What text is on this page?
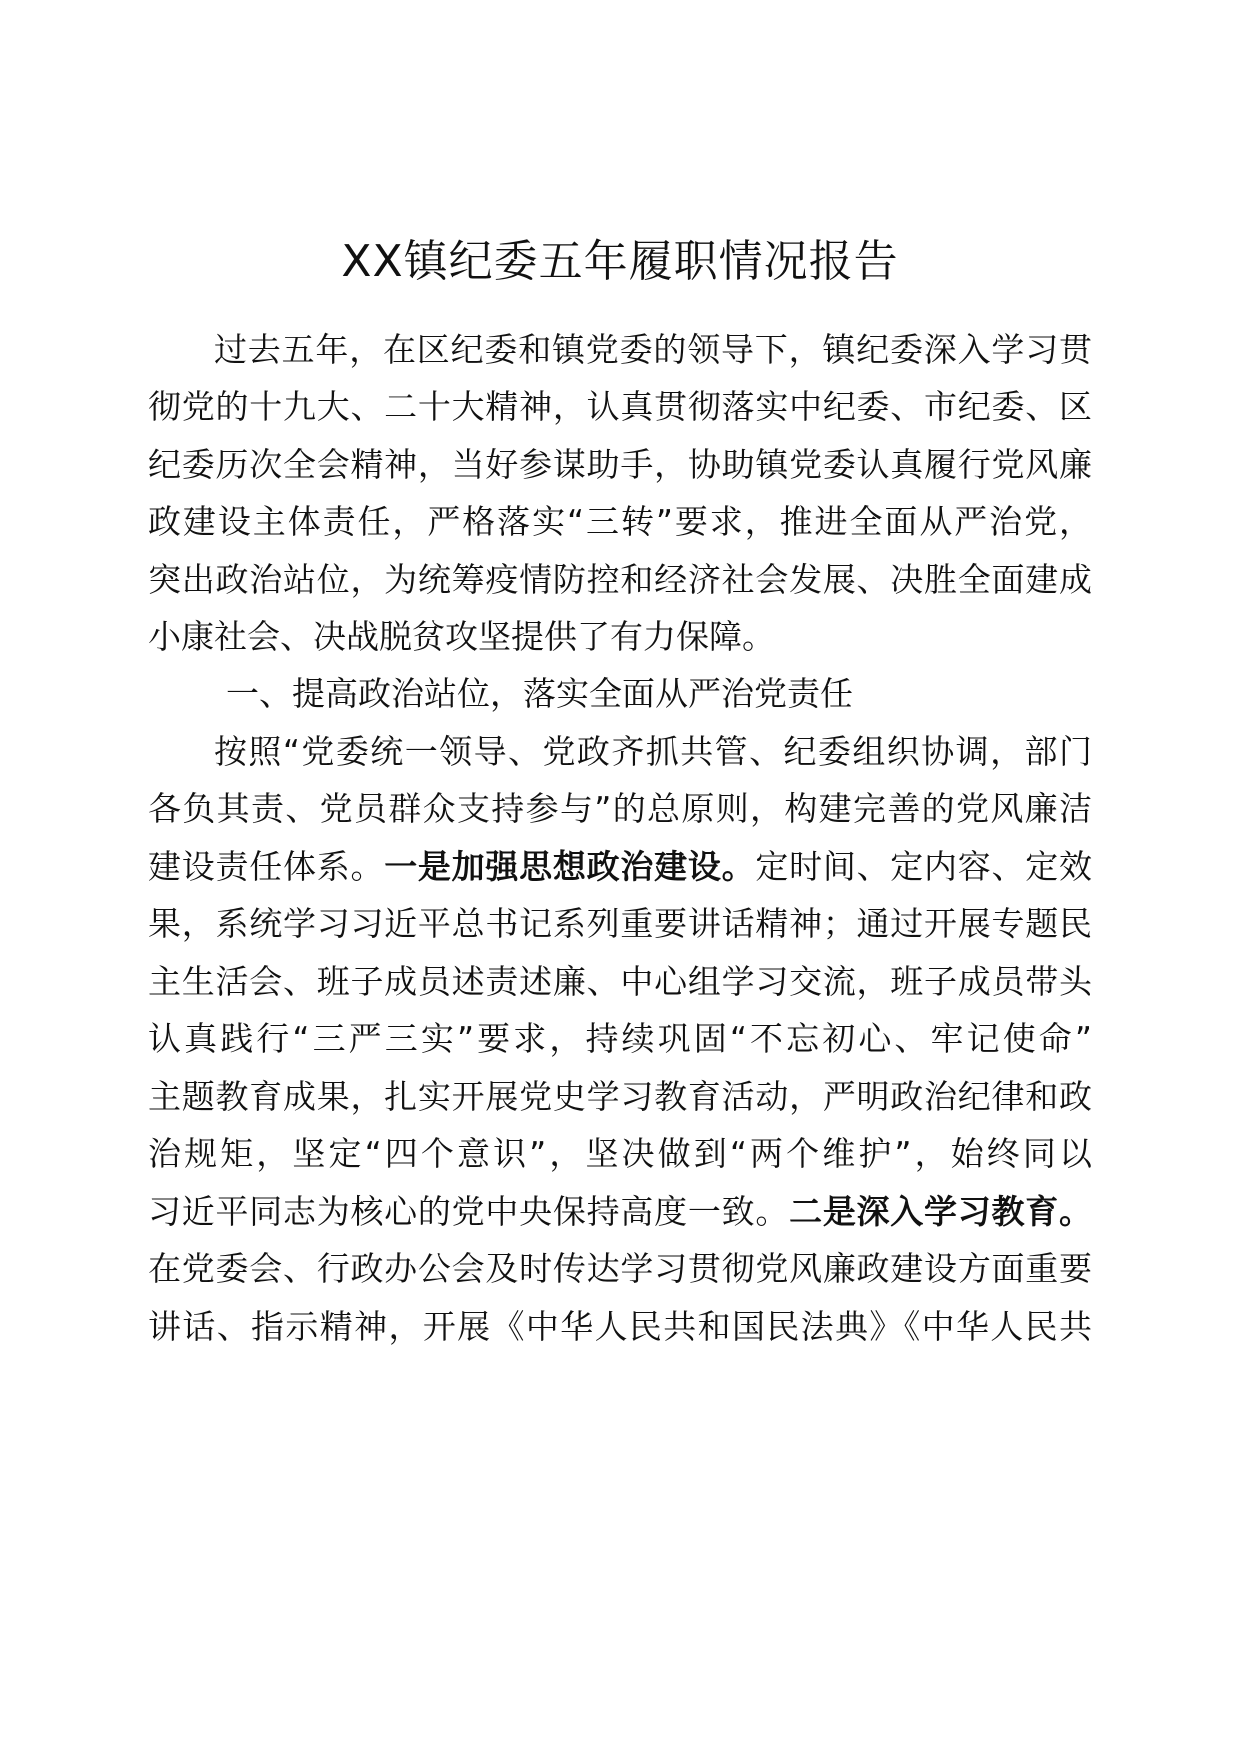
XX镇纪委五年履职情况报告
过去五年，在区纪委和镇党委的领导下，镇纪委深入学习贯
彻党的十九大、二十大精神，认真贯彻落实中纪委、市纪委、区
纪委历次全会精神，当好参谋助手，协助镇党委认真履行党风廉
政建设主体责任，严格落实“三转”要求，推进全面从严治党，
突出政治站位，为统筹疫情防控和经济社会发展、决胜全面建成
小康社会、决战脱贫攻坚提供了有力保障。
一、提高政治站位，落实全面从严治党责任
按照“党委统一领导、党政齐抓共管、纪委组织协调，部门
各负其责、党员群众支持参与”的总原则，构建完善的党风廉洁
建设责任体系。一是加强思想政治建设。定时间、定内容、定效
果，系统学习习近平总书记系列重要讲话精神；通过开展专题民
主生活会、班子成员述责述廉、中心组学习交流，班子成员带头
认真践行“三严三实”要求，持续巩固“不忘初心、牢记使命”
主题教育成果，扎实开展党史学习教育活动，严明政治纪律和政
治规矩，坚定“四个意识”，坚决做到“两个维护”，始终同以
习近平同志为核心的党中央保持高度一致。二是深入学习教育。
在党委会、行政办公会及时传达学习贯彻党风廉政建设方面重要
讲话、指示精神，开展《中华人民共和国民法典》《中华人民共
